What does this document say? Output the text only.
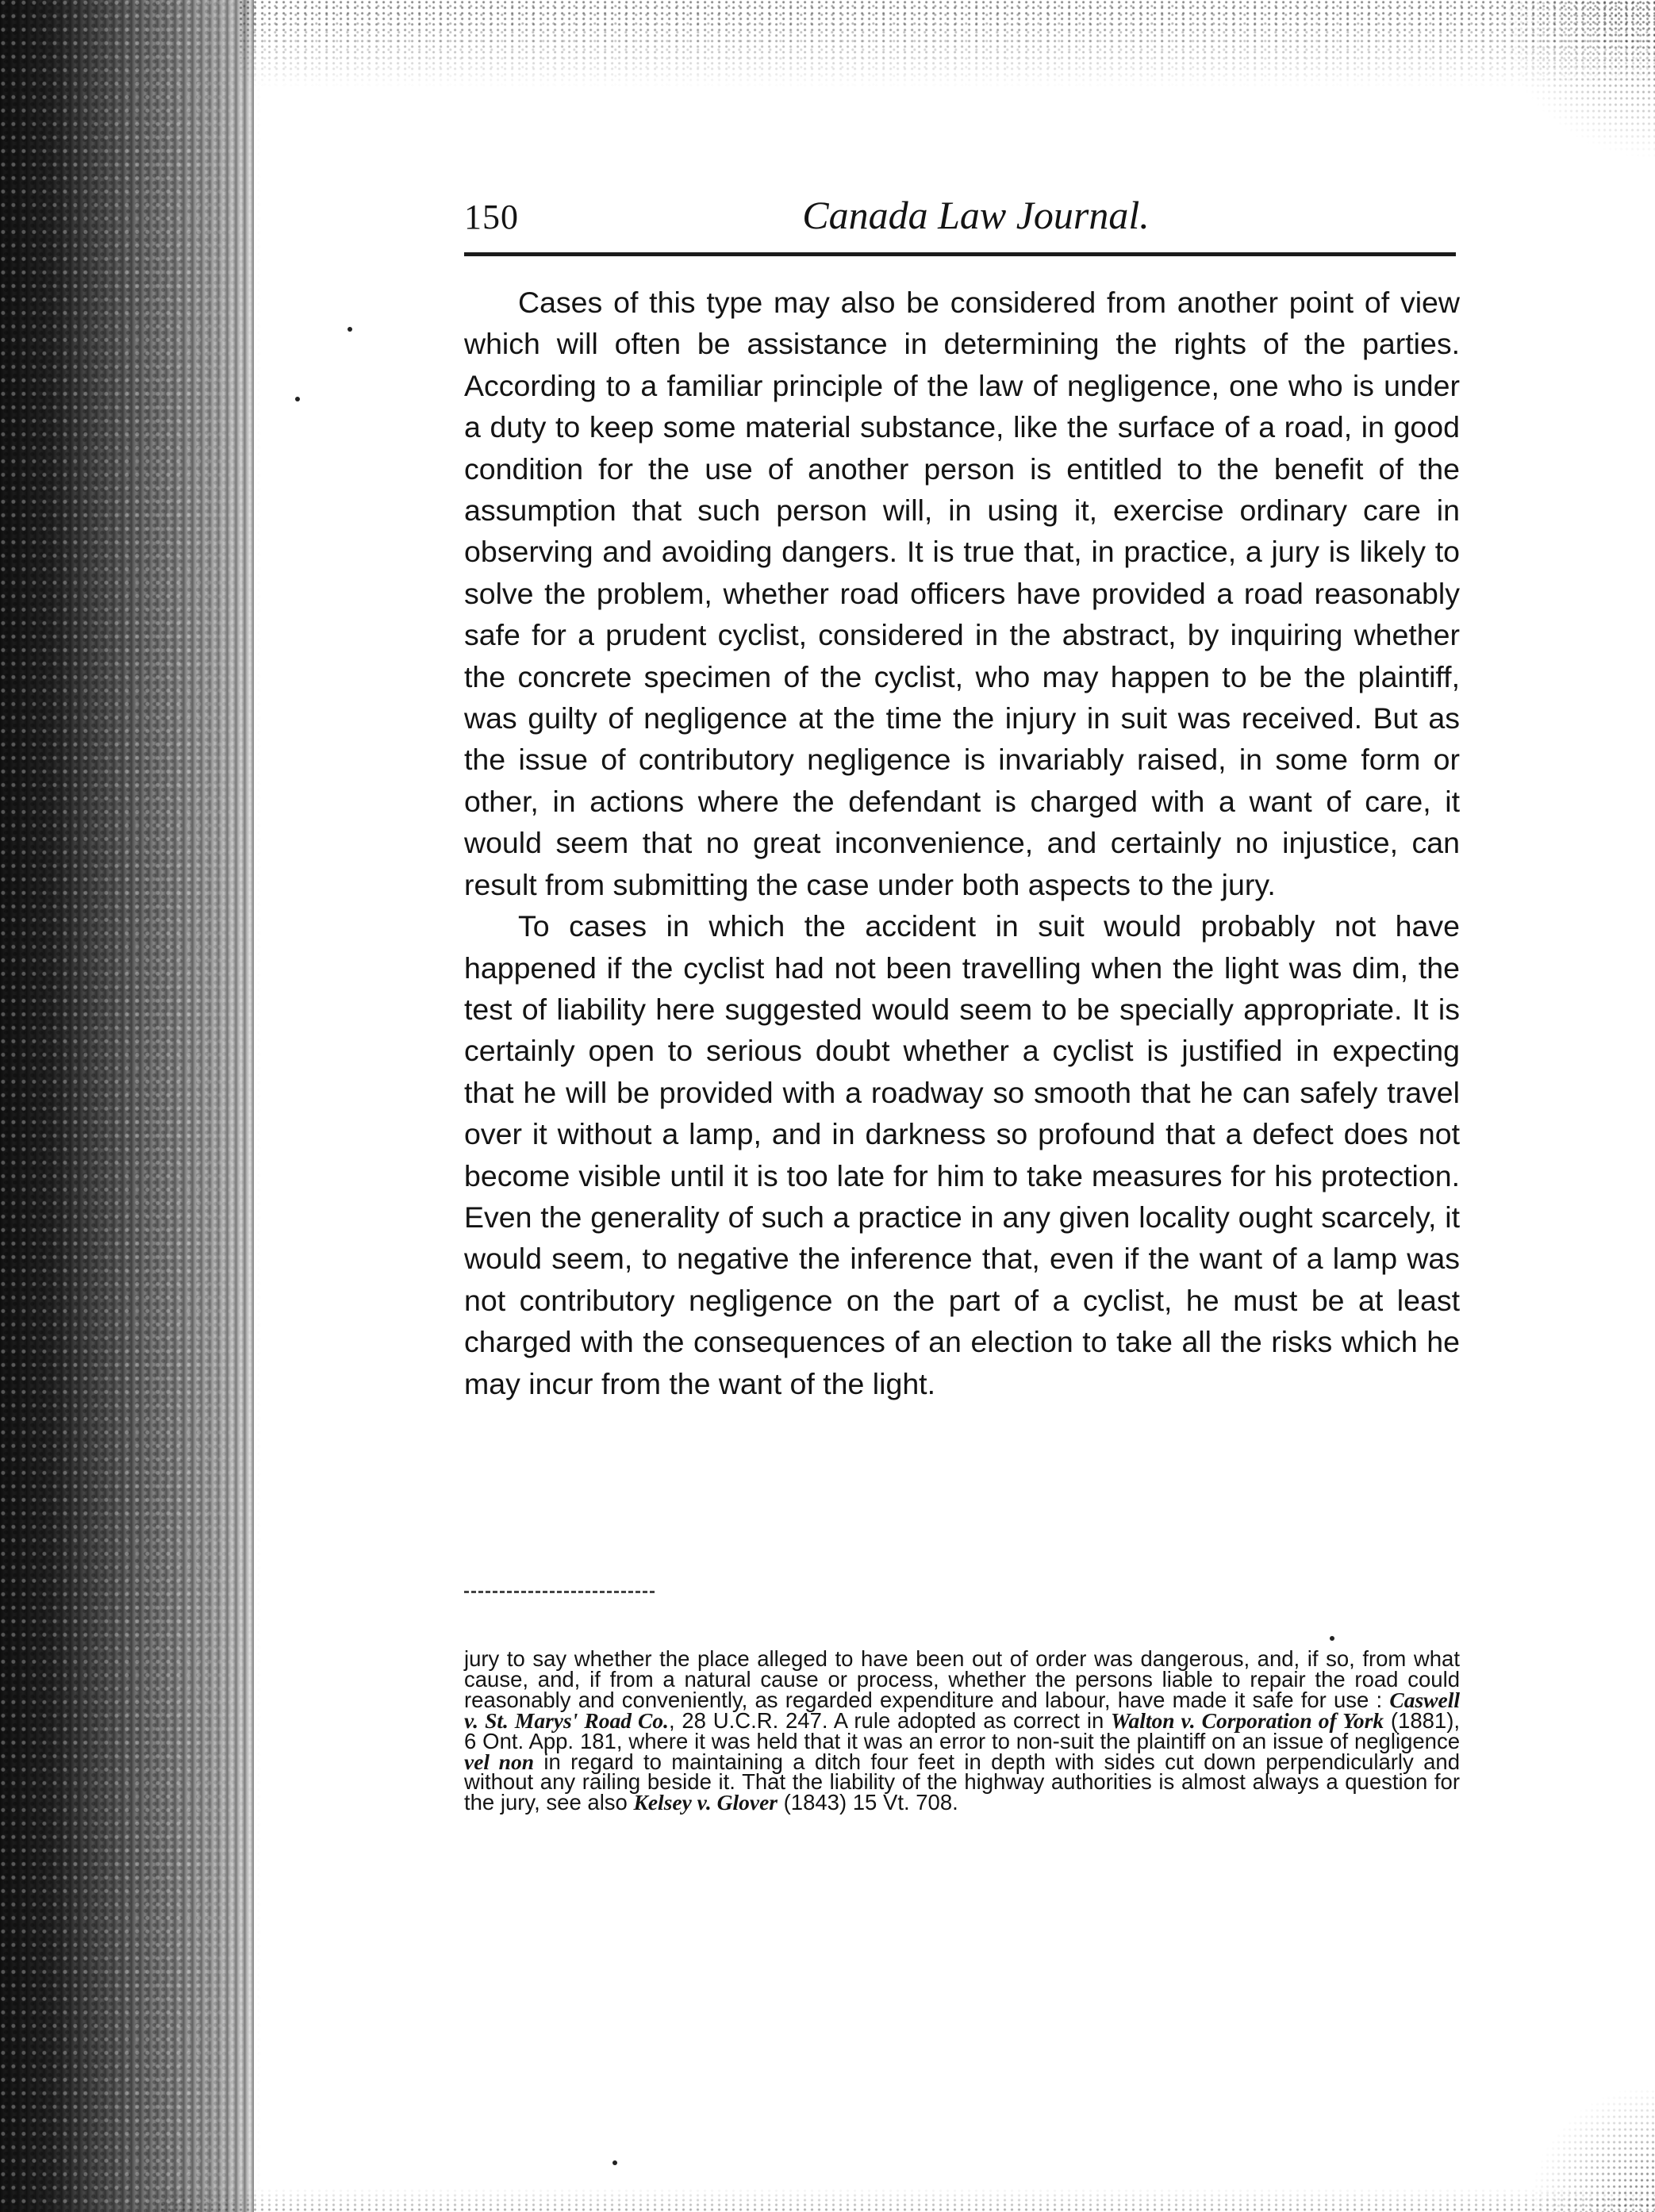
150	Canada Law Journal.

Cases of this type may also be considered from another point of view which will often be assistance in determining the rights of the parties. According to a familiar principle of the law of negligence, one who is under a duty to keep some material substance, like the surface of a road, in good condition for the use of another person is entitled to the benefit of the assumption that such person will, in using it, exercise ordinary care in observing and avoiding dangers. It is true that, in practice, a jury is likely to solve the problem, whether road officers have provided a road reasonably safe for a prudent cyclist, considered in the abstract, by inquiring whether the concrete specimen of the cyclist, who may happen to be the plaintiff, was guilty of negligence at the time the injury in suit was received. But as the issue of contributory negligence is invariably raised, in some form or other, in actions where the defendant is charged with a want of care, it would seem that no great inconvenience, and certainly no injustice, can result from submitting the case under both aspects to the jury.

To cases in which the accident in suit would probably not have happened if the cyclist had not been travelling when the light was dim, the test of liability here suggested would seem to be specially appropriate. It is certainly open to serious doubt whether a cyclist is justified in expecting that he will be provided with a roadway so smooth that he can safely travel over it without a lamp, and in darkness so profound that a defect does not become visible until it is too late for him to take measures for his protection. Even the generality of such a practice in any given locality ought scarcely, it would seem, to negative the inference that, even if the want of a lamp was not contributory negligence on the part of a cyclist, he must be at least charged with the consequences of an election to take all the risks which he may incur from the want of the light.

jury to say whether the place alleged to have been out of order was dangerous, and, if so, from what cause, and, if from a natural cause or process, whether the persons liable to repair the road could reasonably and conveniently, as regarded expenditure and labour, have made it safe for use : Caswell v. St. Marys' Road Co., 28 U.C.R. 247. A rule adopted as correct in Walton v. Corporation of York (1881), 6 Ont. App. 181, where it was held that it was an error to non-suit the plaintiff on an issue of negligence vel non in regard to maintaining a ditch four feet in depth with sides cut down perpendicularly and without any railing beside it. That the liability of the highway authorities is almost always a question for the jury, see also Kelsey v. Glover (1843) 15 Vt. 708.
